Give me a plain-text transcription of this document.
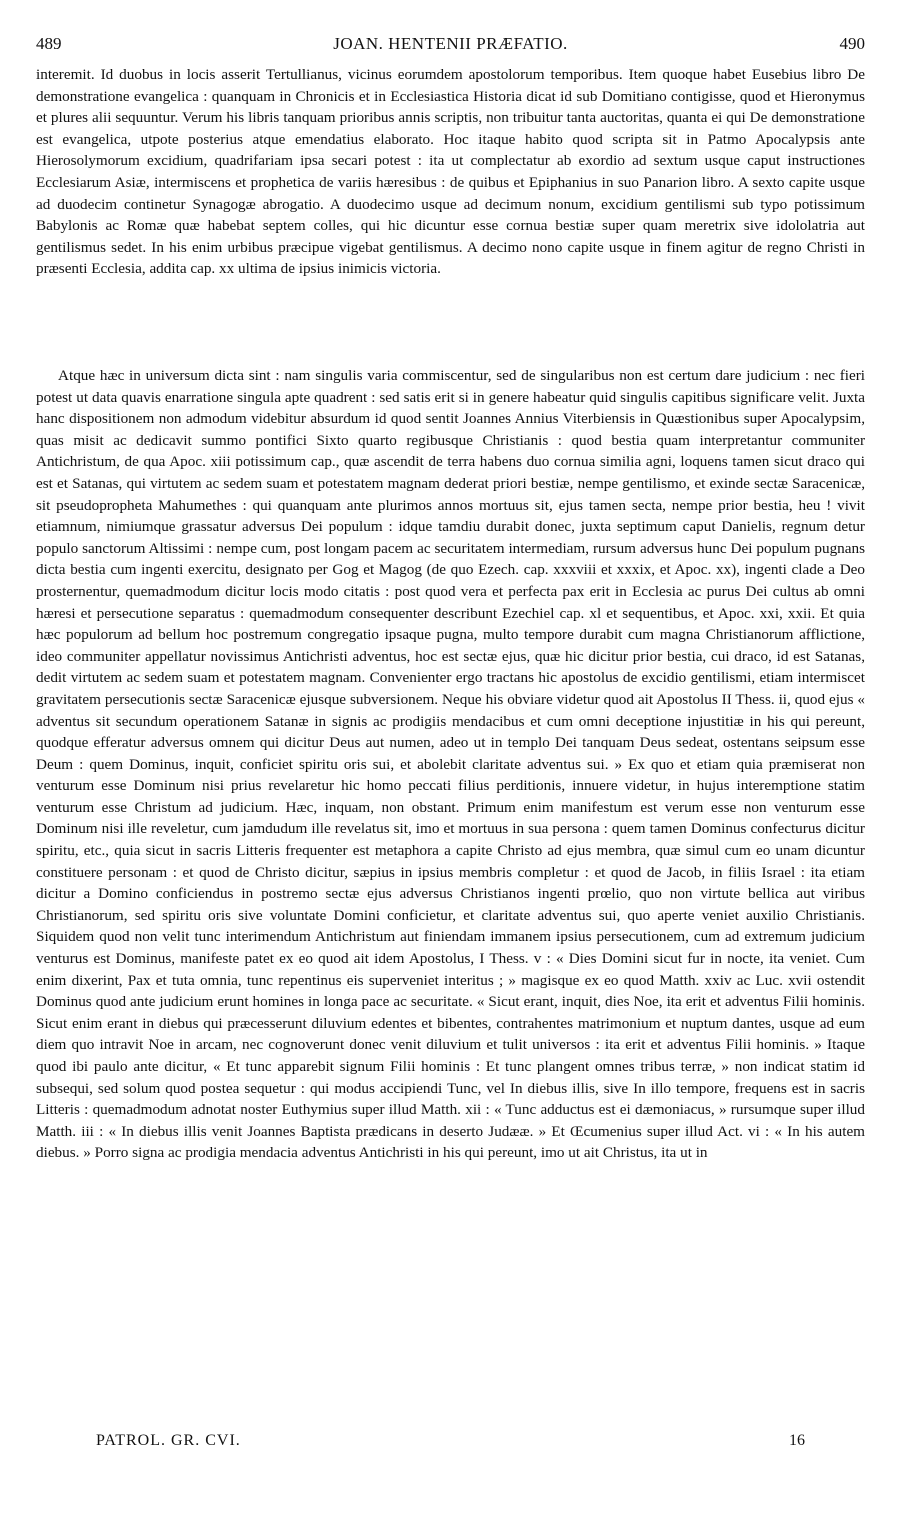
489	JOAN. HENTENII PRÆFATIO.	490
interemit. Id duobus in locis asserit Tertullianus, vicinus eorumdem apostolorum temporibus. Item quoque habet Eusebius libro De demonstratione evangelica : quanquam in Chronicis et in Ecclesiastica Historia dicat id sub Domitiano contigisse, quod et Hieronymus et plures alii sequuntur. Verum his libris tanquam prioribus annis scriptis, non tribuitur tanta auctoritas, quanta ei qui De demonstratione est evangelica, utpote posterius atque emendatius elaborato. Hoc itaque habito quod scripta sit in Patmo Apocalypsis ante Hierosolymorum excidium, quadrifariam ipsa secari potest : ita ut complectatur ab exordio ad sextum usque caput instructiones Ecclesiarum Asiæ, intermiscens et prophetica de variis hæresibus : de quibus et Epiphanius in suo Panarion libro. A sexto capite usque ad duodecim continetur Synagogæ abrogatio. A duodecimo usque ad decimum nonum, excidium gentilismi sub typo potissimum Babylonis ac Romæ quæ habebat septem colles, qui hic dicuntur esse cornua bestiæ super quam meretrix sive idololatria aut gentilismus sedet. In his enim urbibus præcipue vigebat gentilismus. A decimo nono capite usque in finem agitur de regno Christi in præsenti Ecclesia, addita cap. xx ultima de ipsius inimicis victoria.
Atque hæc in universum dicta sint : nam singulis varia commiscentur, sed de singularibus non est certum dare judicium : nec fieri potest ut data quavis enarratione singula apte quadrent : sed satis erit si in genere habeatur quid singulis capitibus significare velit. Juxta hanc dispositionem non admodum videbitur absurdum id quod sentit Joannes Annius Viterbiensis in Quæstionibus super Apocalypsim, quas misit ac dedicavit summo pontifici Sixto quarto regibusque Christianis : quod bestia quam interpretantur communiter Antichristum, de qua Apoc. xiii potissimum cap., quæ ascendit de terra habens duo cornua similia agni, loquens tamen sicut draco qui est et Satanas, qui virtutem ac sedem suam et potestatem magnam dederat priori bestiæ, nempe gentilismo, et exinde sectæ Saracenicæ, sit pseudopropheta Mahumethes : qui quanquam ante plurimos annos mortuus sit, ejus tamen secta, nempe prior bestia, heu ! vivit etiamnum, nimiumque grassatur adversus Dei populum : idque tamdiu durabit donec, juxta septimum caput Danielis, regnum detur populo sanctorum Altissimi : nempe cum, post longam pacem ac securitatem intermediam, rursum adversus hunc Dei populum pugnans dicta bestia cum ingenti exercitu, designato per Gog et Magog (de quo Ezech. cap. xxxviii et xxxix, et Apoc. xx), ingenti clade a Deo prosternentur, quemadmodum dicitur locis modo citatis : post quod vera et perfecta pax erit in Ecclesia ac purus Dei cultus ab omni hæresi et persecutione separatus : quemadmodum consequenter describunt Ezechiel cap. xl et sequentibus, et Apoc. xxi, xxii. Et quia hæc populorum ad bellum hoc postremum congregatio ipsaque pugna, multo tempore durabit cum magna Christianorum afflictione, ideo communiter appellatur novissimus Antichristi adventus, hoc est sectæ ejus, quæ hic dicitur prior bestia, cui draco, id est Satanas, dedit virtutem ac sedem suam et potestatem magnam. Convenienter ergo tractans hic apostolus de excidio gentilismi, etiam intermiscet gravitatem persecutionis sectæ Saracenicæ ejusque subversionem. Neque his obviare videtur quod ait Apostolus II Thess. ii, quod ejus « adventus sit secundum operationem Satanæ in signis ac prodigiis mendacibus et cum omni deceptione injustitiæ in his qui pereunt, quodque efferatur adversus omnem qui dicitur Deus aut numen, adeo ut in templo Dei tanquam Deus sedeat, ostentans seipsum esse Deum : quem Dominus, inquit, conficiet spiritu oris sui, et abolebit claritate adventus sui. » Ex quo et etiam quia præmiserat non venturum esse Dominum nisi prius revelaretur hic homo peccati filius perditionis, innuere videtur, in hujus interemptione statim venturum esse Christum ad judicium. Hæc, inquam, non obstant. Primum enim manifestum est verum esse non venturum esse Dominum nisi ille reveletur, cum jamdudum ille revelatus sit, imo et mortuus in sua persona : quem tamen Dominus confecturus dicitur spiritu, etc., quia sicut in sacris Litteris frequenter est metaphora a capite Christo ad ejus membra, quæ simul cum eo unam dicuntur constituere personam : et quod de Christo dicitur, sæpius in ipsius membris completur : et quod de Jacob, in filiis Israel : ita etiam dicitur a Domino conficiendus in postremo sectæ ejus adversus Christianos ingenti prœlio, quo non virtute bellica aut viribus Christianorum, sed spiritu oris sive voluntate Domini conficietur, et claritate adventus sui, quo aperte veniet auxilio Christianis. Siquidem quod non velit tunc interimendum Antichristum aut finiendam immanem ipsius persecutionem, cum ad extremum judicium venturus est Dominus, manifeste patet ex eo quod ait idem Apostolus, I Thess. v : « Dies Domini sicut fur in nocte, ita veniet. Cum enim dixerint, Pax et tuta omnia, tunc repentinus eis superveniet interitus ; » magisque ex eo quod Matth. xxiv ac Luc. xvii ostendit Dominus quod ante judicium erunt homines in longa pace ac securitate. « Sicut erant, inquit, dies Noe, ita erit et adventus Filii hominis. Sicut enim erant in diebus qui præcesserunt diluvium edentes et bibentes, contrahentes matrimonium et nuptum dantes, usque ad eum diem quo intravit Noe in arcam, nec cognoverunt donec venit diluvium et tulit universos : ita erit et adventus Filii hominis. » Itaque quod ibi paulo ante dicitur, « Et tunc apparebit signum Filii hominis : Et tunc plangent omnes tribus terræ, » non indicat statim id subsequi, sed solum quod postea sequetur : qui modus accipiendi Tunc, vel In diebus illis, sive In illo tempore, frequens est in sacris Litteris : quemadmodum adnotat noster Euthymius super illud Matth. xii : « Tunc adductus est ei dæmoniacus, » rursumque super illud Matth. iii : « In diebus illis venit Joannes Baptista prædicans in deserto Judææ. » Et Œcumenius super illud Act. vi : « In his autem diebus. » Porro signa ac prodigia mendacia adventus Antichristi in his qui pereunt, imo ut ait Christus, ita ut in
PATROL. GR. CVI.	16
